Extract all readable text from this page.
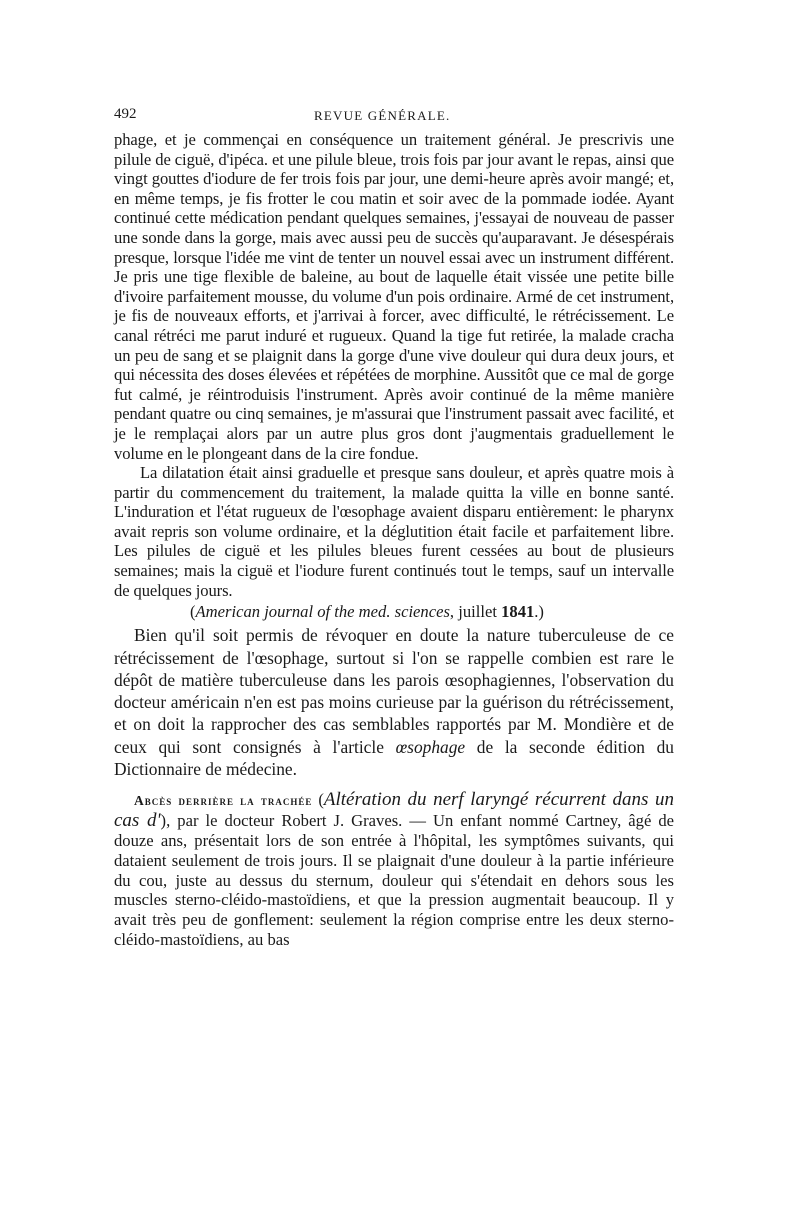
492	REVUE GÉNÉRALE.

phage, et je commençai en conséquence un traitement général. Je prescrivis une pilule de ciguë, d'ipéca. et une pilule bleue, trois fois par jour avant le repas, ainsi que vingt gouttes d'iodure de fer trois fois par jour, une demi-heure après avoir mangé; et, en même temps, je fis frotter le cou matin et soir avec de la pommade iodée. Ayant continué cette médication pendant quelques semaines, j'essayai de nouveau de passer une sonde dans la gorge, mais avec aussi peu de succès qu'auparavant. Je désespérais presque, lorsque l'idée me vint de tenter un nouvel essai avec un instrument différent. Je pris une tige flexible de baleine, au bout de laquelle était vissée une petite bille d'ivoire parfaitement mousse, du volume d'un pois ordinaire. Armé de cet instrument, je fis de nouveaux efforts, et j'arrivai à forcer, avec difficulté, le rétrécissement. Le canal rétréci me parut induré et rugueux. Quand la tige fut retirée, la malade cracha un peu de sang et se plaignit dans la gorge d'une vive douleur qui dura deux jours, et qui nécessita des doses élevées et répétées de morphine. Aussitôt que ce mal de gorge fut calmé, je réintroduisis l'instrument. Après avoir continué de la même manière pendant quatre ou cinq semaines, je m'assurai que l'instrument passait avec facilité, et je le remplaçai alors par un autre plus gros dont j'augmentais graduellement le volume en le plongeant dans de la cire fondue.

La dilatation était ainsi graduelle et presque sans douleur, et après quatre mois à partir du commencement du traitement, la malade quitta la ville en bonne santé. L'induration et l'état rugueux de l'œsophage avaient disparu entièrement: le pharynx avait repris son volume ordinaire, et la déglutition était facile et parfaitement libre. Les pilules de ciguë et les pilules bleues furent cessées au bout de plusieurs semaines; mais la ciguë et l'iodure furent continués tout le temps, sauf un intervalle de quelques jours.

(American journal of the med. sciences, juillet 1841.)

Bien qu'il soit permis de révoquer en doute la nature tuberculeuse de ce rétrécissement de l'œsophage, surtout si l'on se rappelle combien est rare le dépôt de matière tuberculeuse dans les parois œsophagiennes, l'observation du docteur américain n'en est pas moins curieuse par la guérison du rétrécissement, et on doit la rapprocher des cas semblables rapportés par M. Mondière et de ceux qui sont consignés à l'article œsophage de la seconde édition du Dictionnaire de médecine.

Abcès derrière la trachée (Altération du nerf laryngé récurrent dans un cas d'), par le docteur Robert J. Graves. — Un enfant nommé Cartney, âgé de douze ans, présentait lors de son entrée à l'hôpital, les symptômes suivants, qui dataient seulement de trois jours. Il se plaignait d'une douleur à la partie inférieure du cou, juste au dessus du sternum, douleur qui s'étendait en dehors sous les muscles sterno-cléido-mastoïdiens, et que la pression augmentait beaucoup. Il y avait très peu de gonflement: seulement la région comprise entre les deux sterno-cléido-mastoïdiens, au bas
